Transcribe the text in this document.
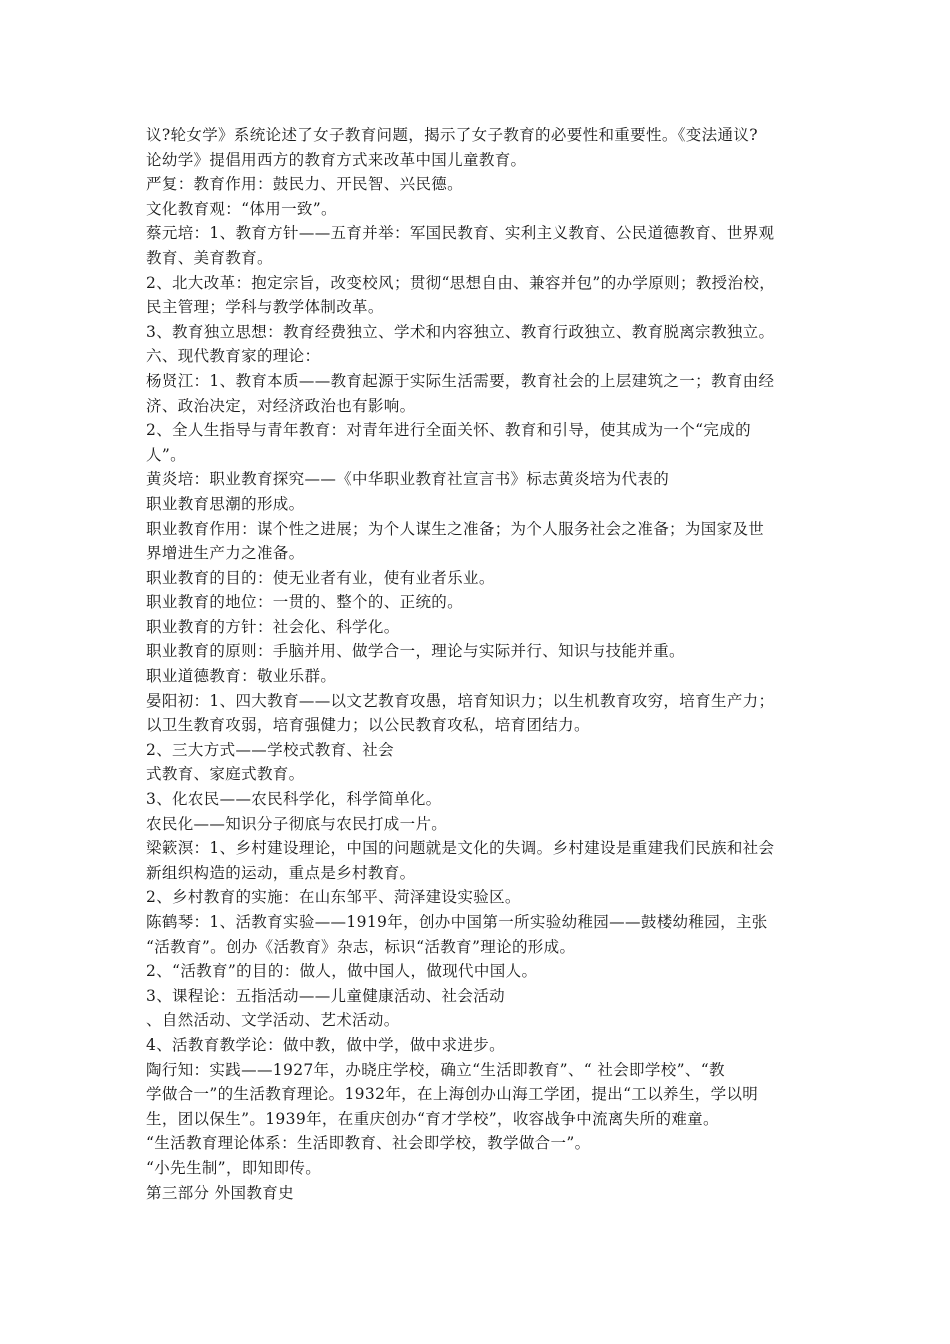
议?轮女学》系统论述了女子教育问题，揭示了女子教育的必要性和重要性。《变法通议?
论幼学》提倡用西方的教育方式来改革中国儿童教育。
严复：教育作用：鼓民力、开民智、兴民德。
文化教育观：“体用一致”。
蔡元培：1、教育方针——五育并举：军国民教育、实利主义教育、公民道德教育、世界观
教育、美育教育。
2、北大改革：抱定宗旨，改变校风；贯彻“思想自由、兼容并包”的办学原则；教授治校，
民主管理；学科与教学体制改革。
3、教育独立思想：教育经费独立、学术和内容独立、教育行政独立、教育脱离宗教独立。
六、现代教育家的理论：
杨贤江：1、教育本质——教育起源于实际生活需要，教育社会的上层建筑之一；教育由经
济、政治决定，对经济政治也有影响。
2、全人生指导与青年教育：对青年进行全面关怀、教育和引导，使其成为一个“完成的
人”。
黄炎培：职业教育探究——《中华职业教育社宣言书》标志黄炎培为代表的
职业教育思潮的形成。
职业教育作用：谋个性之进展；为个人谋生之准备；为个人服务社会之准备；为国家及世
界增进生产力之准备。
职业教育的目的：使无业者有业，使有业者乐业。
职业教育的地位：一贯的、整个的、正统的。
职业教育的方针：社会化、科学化。
职业教育的原则：手脑并用、做学合一，理论与实际并行、知识与技能并重。
职业道德教育：敬业乐群。
晏阳初：1、四大教育——以文艺教育攻愚，培育知识力；以生机教育攻穷，培育生产力；
以卫生教育攻弱，培育强健力；以公民教育攻私，培育团结力。
2、三大方式——学校式教育、社会
式教育、家庭式教育。
3、化农民——农民科学化，科学简单化。
农民化——知识分子彻底与农民打成一片。
梁簌溟：1、乡村建设理论，中国的问题就是文化的失调。乡村建设是重建我们民族和社会
新组织构造的运动，重点是乡村教育。
2、乡村教育的实施：在山东邹平、菏泽建设实验区。
陈鹤琴：1、活教育实验——1919年，创办中国第一所实验幼稚园——鼓楼幼稚园，主张
“活教育”。创办《活教育》杂志，标识“活教育”理论的形成。
2、“活教育”的目的：做人，做中国人，做现代中国人。
3、课程论：五指活动——儿童健康活动、社会活动
、自然活动、文学活动、艺术活动。
4、活教育教学论：做中教，做中学，做中求进步。
陶行知：实践——1927年，办晓庄学校，确立“生活即教育”、“ 社会即学校”、“教
学做合一”的生活教育理论。1932年，在上海创办山海工学团，提出“工以养生，学以明
生，团以保生”。1939年，在重庆创办“育才学校”，收容战争中流离失所的难童。
“生活教育理论体系：生活即教育、社会即学校，教学做合一”。
“小先生制”，即知即传。
第三部分 外国教育史
